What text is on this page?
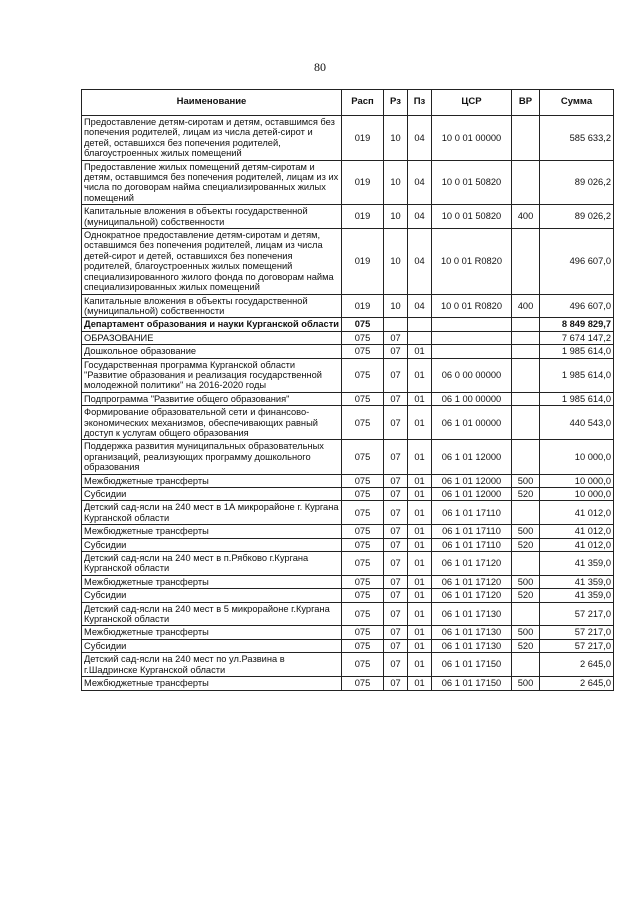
80
Наименование	Расп	Рз	Пз	ЦСР	ВР	Сумма
Предоставление детям-сиротам и детям, оставшимся без попечения родителей, лицам из числа детей-сирот и детей, оставшихся без попечения родителей, благоустроенных жилых помещений	019	10	04	10 0 01 00000		585 633,2
Предоставление жилых помещений детям-сиротам и детям, оставшимся без попечения родителей, лицам из их числа по договорам найма специализированных жилых помещений	019	10	04	10 0 01 50820		89 026,2
Капитальные вложения в объекты государственной (муниципальной) собственности	019	10	04	10 0 01 50820	400	89 026,2
Однократное предоставление детям-сиротам и детям, оставшимся без попечения родителей, лицам из числа детей-сирот и детей, оставшихся без попечения родителей, благоустроенных жилых помещений специализированного жилого фонда по договорам найма специализированных жилых помещений	019	10	04	10 0 01 R0820		496 607,0
Капитальные вложения в объекты государственной (муниципальной) собственности	019	10	04	10 0 01 R0820	400	496 607,0
Департамент образования и науки Курганской области	075					8 849 829,7
ОБРАЗОВАНИЕ	075	07				7 674 147,2
Дошкольное образование	075	07	01			1 985 614,0
Государственная программа Курганской области "Развитие образования и реализация государственной молодежной политики" на 2016-2020 годы	075	07	01	06 0 00 00000		1 985 614,0
Подпрограмма "Развитие общего образования"	075	07	01	06 1 00 00000		1 985 614,0
Формирование образовательной сети и финансово-экономических механизмов, обеспечивающих равный доступ к услугам общего образования	075	07	01	06 1 01 00000		440 543,0
Поддержка развития муниципальных образовательных организаций, реализующих программу дошкольного образования	075	07	01	06 1 01 12000		10 000,0
Межбюджетные трансферты	075	07	01	06 1 01 12000	500	10 000,0
Субсидии	075	07	01	06 1 01 12000	520	10 000,0
Детский сад-ясли на 240 мест в 1А микрорайоне г. Кургана Курганской области	075	07	01	06 1 01 17110		41 012,0
Межбюджетные трансферты	075	07	01	06 1 01 17110	500	41 012,0
Субсидии	075	07	01	06 1 01 17110	520	41 012,0
Детский сад-ясли на 240 мест в п.Рябково г.Кургана Курганской области	075	07	01	06 1 01 17120		41 359,0
Межбюджетные трансферты	075	07	01	06 1 01 17120	500	41 359,0
Субсидии	075	07	01	06 1 01 17120	520	41 359,0
Детский сад-ясли на 240 мест в 5 микрорайоне г.Кургана Курганской области	075	07	01	06 1 01 17130		57 217,0
Межбюджетные трансферты	075	07	01	06 1 01 17130	500	57 217,0
Субсидии	075	07	01	06 1 01 17130	520	57 217,0
Детский сад-ясли на 240 мест по ул.Развина в г.Шадринске Курганской области	075	07	01	06 1 01 17150		2 645,0
Межбюджетные трансферты	075	07	01	06 1 01 17150	500	2 645,0
